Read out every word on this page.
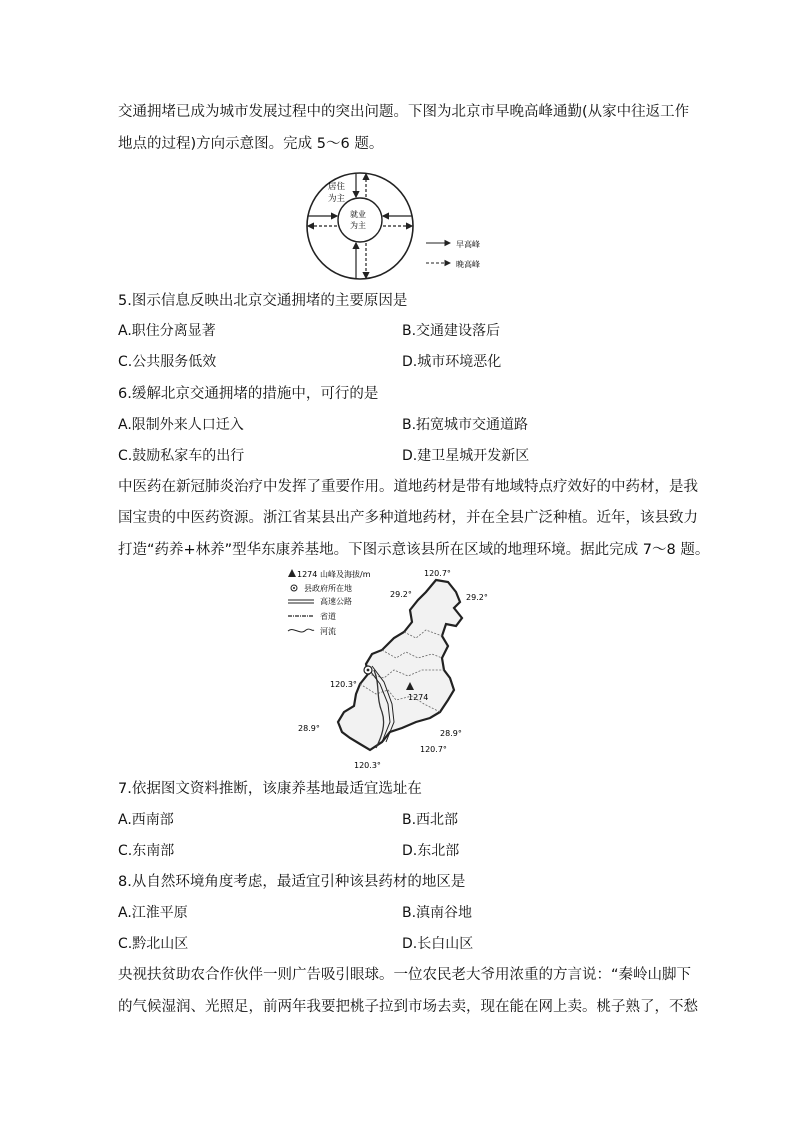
交通拥堵已成为城市发展过程中的突出问题。下图为北京市早晚高峰通勤(从家中往返工作
地点的过程)方向示意图。完成 5～6 题。
居住
为主
就业
为主
早高峰
晚高峰
5.图示信息反映出北京交通拥堵的主要原因是
A.职住分离显著	B.交通建设落后
C.公共服务低效	D.城市环境恶化
6.缓解北京交通拥堵的措施中，可行的是
A.限制外来人口迁入	B.拓宽城市交通道路
C.鼓励私家车的出行	D.建卫星城开发新区
中医药在新冠肺炎治疗中发挥了重要作用。道地药材是带有地域特点疗效好的中药材，是我
国宝贵的中医药资源。浙江省某县出产多种道地药材，并在全县广泛种植。近年，该县致力
打造“药养+林养”型华东康养基地。下图示意该县所在区域的地理环境。据此完成 7～8 题。
1274 山峰及海拔/m
县政府所在地
高速公路
省道
河流
1274
120.7°
29.2°	29.2°
120.3°
28.9°
28.9°
120.7°
120.3°
7.依据图文资料推断，该康养基地最适宜选址在
A.西南部	B.西北部
C.东南部	D.东北部
8.从自然环境角度考虑，最适宜引种该县药材的地区是
A.江淮平原	B.滇南谷地
C.黔北山区	D.长白山区
央视扶贫助农合作伙伴一则广告吸引眼球。一位农民老大爷用浓重的方言说：“秦岭山脚下
的气候湿润、光照足，前两年我要把桃子拉到市场去卖，现在能在网上卖。桃子熟了，不愁
